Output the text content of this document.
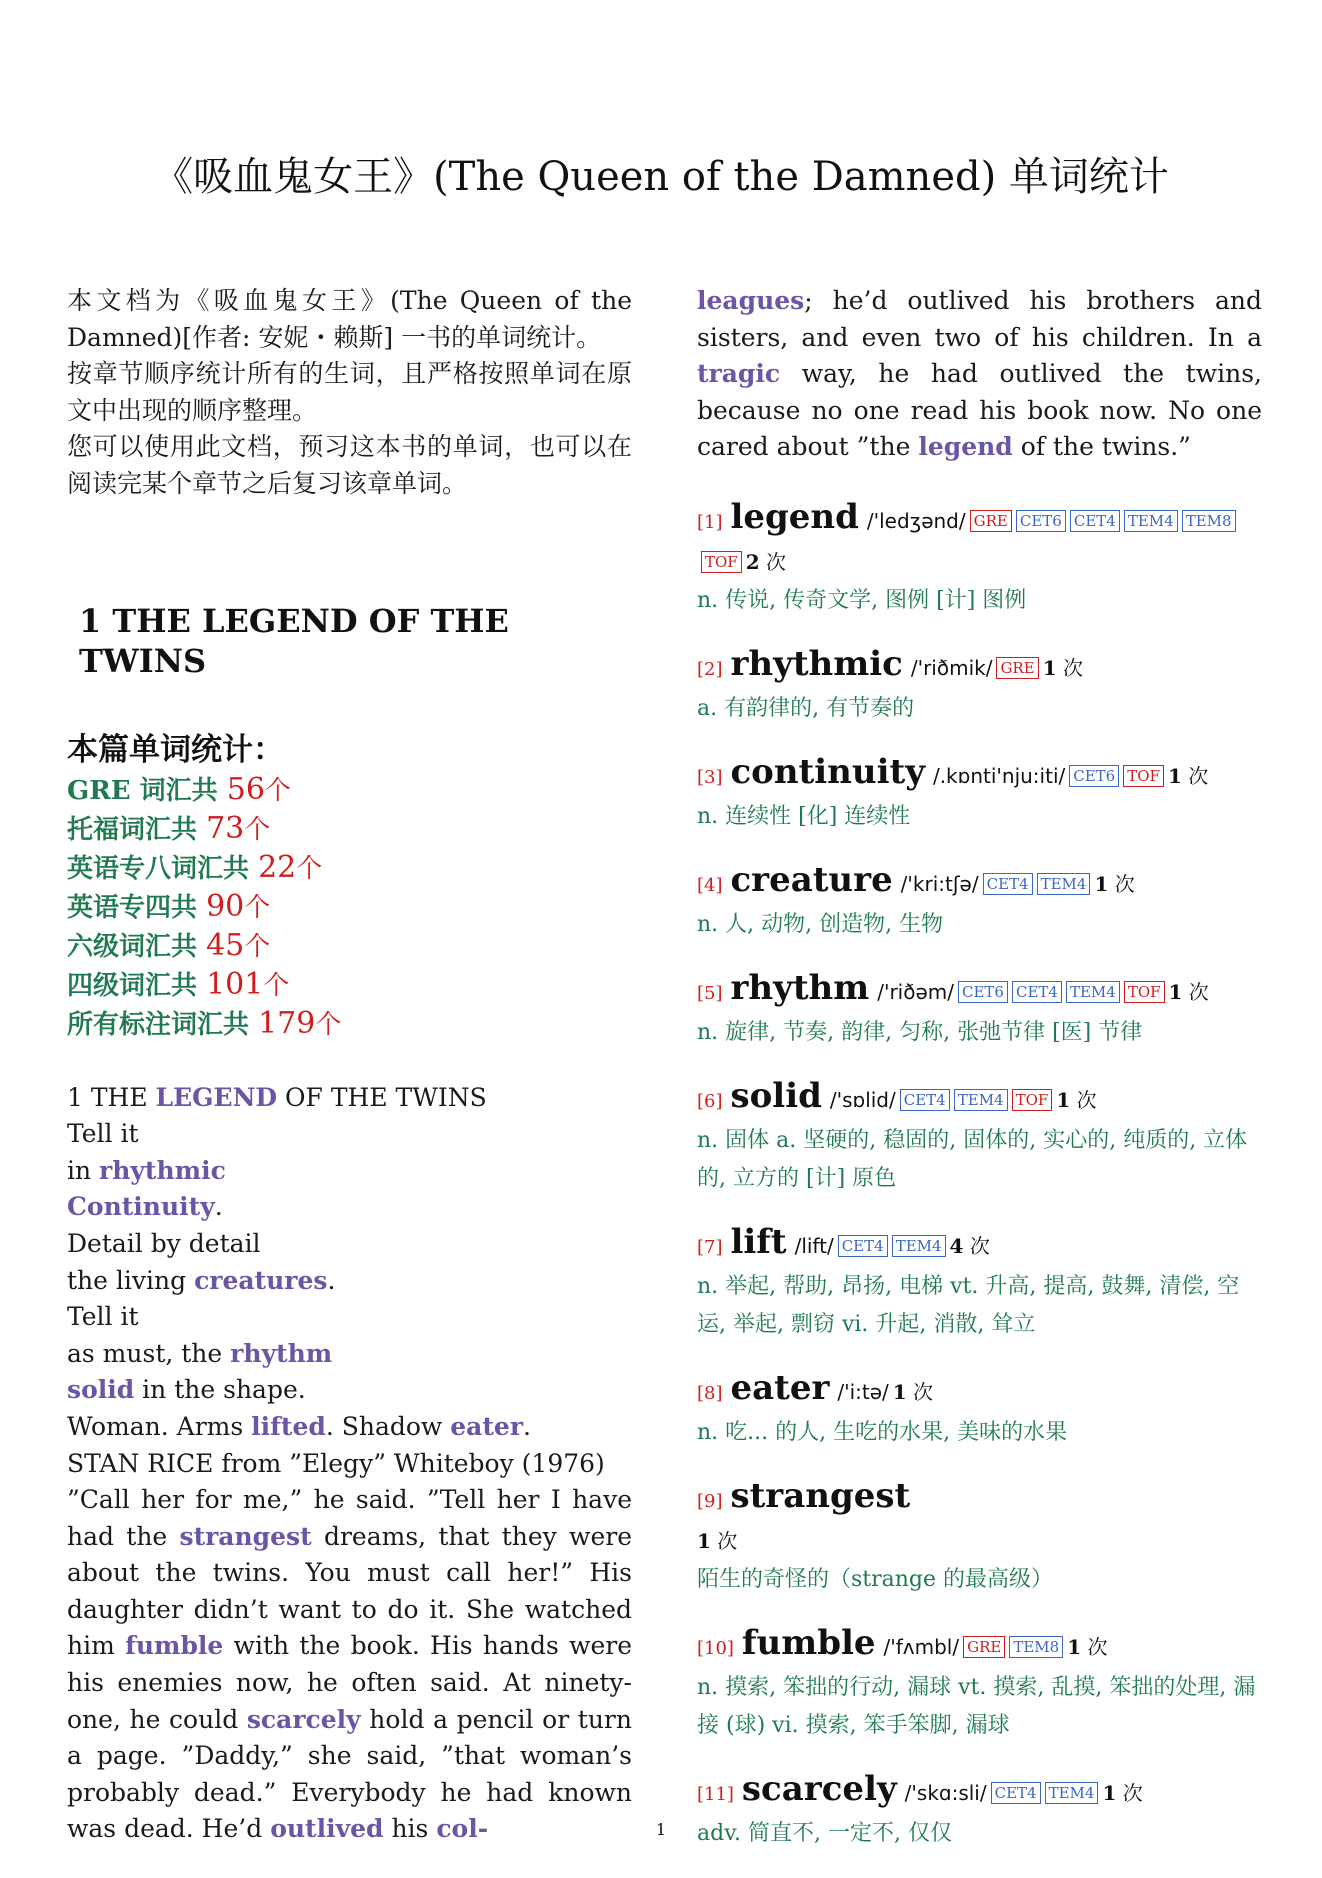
《吸血鬼女王》(The Queen of the Damned) 单词统计
本文档为《吸血鬼女王》(The Queen of the Damned)[作者: 安妮・赖斯] 一书的单词统计。
按章节顺序统计所有的生词，且严格按照单词在原文中出现的顺序整理。
您可以使用此文档，预习这本书的单词，也可以在阅读完某个章节之后复习该章单词。
1 THE LEGEND OF THE TWINS
本篇单词统计：
GRE 词汇共 56个
托福词汇共 73个
英语专八词汇共 22个
英语专四共 90个
六级词汇共 45个
四级词汇共 101个
所有标注词汇共 179个
1 THE LEGEND OF THE TWINS
Tell it
in rhythmic
Continuity.
Detail by detail
the living creatures.
Tell it
as must, the rhythm
solid in the shape.
Woman. Arms lifted. Shadow eater.
STAN RICE from ”Elegy” Whiteboy (1976)
”Call her for me,” he said. ”Tell her I have had the strangest dreams, that they were about the twins. You must call her!” His daughter didn’t want to do it. She watched him fumble with the book. His hands were his enemies now, he often said. At ninety-one, he could scarcely hold a pencil or turn a page. ”Daddy,” she said, ”that woman’s probably dead.” Everybody he had known was dead. He’d outlived his col-
leagues; he’d outlived his brothers and sisters, and even two of his children. In a tragic way, he had outlived the twins, because no one read his book now. No one cared about ”the legend of the twins.”
[1] legend /'ledʒənd/ GRE CET6 CET4 TEM4 TEM8TOF 2 次
n. 传说, 传奇文学, 图例 [计] 图例
[2] rhythmic /'riðmik/ GRE 1 次
a. 有韵律的, 有节奏的
[3] continuity /.kɒnti'nju:iti/ CET6 TOF 1 次
n. 连续性 [化] 连续性
[4] creature /'kri:tʃə/ CET4 TEM4 1 次
n. 人, 动物, 创造物, 生物
[5] rhythm /'riðəm/ CET6 CET4 TEM4 TOF 1 次
n. 旋律, 节奏, 韵律, 匀称, 张弛节律 [医] 节律
[6] solid /'sɒlid/ CET4 TEM4 TOF 1 次
n. 固体 a. 坚硬的, 稳固的, 固体的, 实心的, 纯质的, 立体的, 立方的 [计] 原色
[7] lift /lift/ CET4 TEM4 4 次
n. 举起, 帮助, 昂扬, 电梯 vt. 升高, 提高, 鼓舞, 清偿, 空运, 举起, 剽窃 vi. 升起, 消散, 耸立
[8] eater /'i:tə/ 1 次
n. 吃... 的人, 生吃的水果, 美味的水果
[9] strangest
1 次
陌生的奇怪的（strange 的最高级）
[10] fumble /'fʌmbl/ GRE TEM8 1 次
n. 摸索, 笨拙的行动, 漏球 vt. 摸索, 乱摸, 笨拙的处理, 漏接 (球) vi. 摸索, 笨手笨脚, 漏球
[11] scarcely /'skɑ:sli/ CET4 TEM4 1 次
adv. 简直不, 一定不, 仅仅
1
